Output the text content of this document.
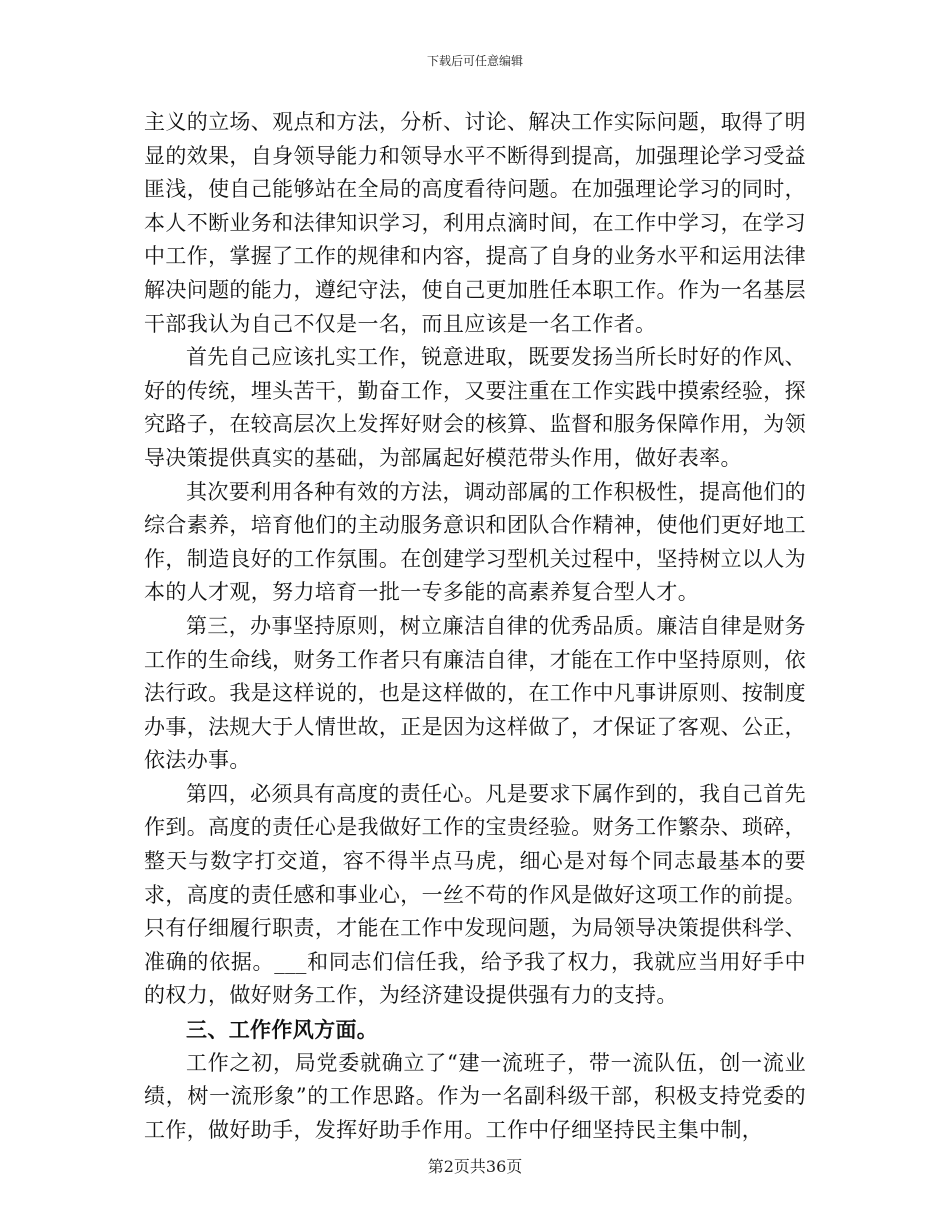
下载后可任意编辑

主义的立场、观点和方法，分析、讨论、解决工作实际问题，取得了明显的效果，自身领导能力和领导水平不断得到提高，加强理论学习受益匪浅，使自己能够站在全局的高度看待问题。在加强理论学习的同时，本人不断业务和法律知识学习，利用点滴时间，在工作中学习，在学习中工作，掌握了工作的规律和内容，提高了自身的业务水平和运用法律解决问题的能力，遵纪守法，使自己更加胜任本职工作。作为一名基层干部我认为自己不仅是一名，而且应该是一名工作者。

首先自己应该扎实工作，锐意进取，既要发扬当所长时好的作风、好的传统，埋头苦干，勤奋工作，又要注重在工作实践中摸索经验，探究路子，在较高层次上发挥好财会的核算、监督和服务保障作用，为领导决策提供真实的基础，为部属起好模范带头作用，做好表率。

其次要利用各种有效的方法，调动部属的工作积极性，提高他们的综合素养，培育他们的主动服务意识和团队合作精神，使他们更好地工作，制造良好的工作氛围。在创建学习型机关过程中，坚持树立以人为本的人才观，努力培育一批一专多能的高素养复合型人才。

第三，办事坚持原则，树立廉洁自律的优秀品质。廉洁自律是财务工作的生命线，财务工作者只有廉洁自律，才能在工作中坚持原则，依法行政。我是这样说的，也是这样做的，在工作中凡事讲原则、按制度办事，法规大于人情世故，正是因为这样做了，才保证了客观、公正，依法办事。

第四，必须具有高度的责任心。凡是要求下属作到的，我自己首先作到。高度的责任心是我做好工作的宝贵经验。财务工作繁杂、琐碎，整天与数字打交道，容不得半点马虎，细心是对每个同志最基本的要求，高度的责任感和事业心，一丝不苟的作风是做好这项工作的前提。只有仔细履行职责，才能在工作中发现问题，为局领导决策提供科学、准确的依据。___和同志们信任我，给予我了权力，我就应当用好手中的权力，做好财务工作，为经济建设提供强有力的支持。

三、工作作风方面。

工作之初，局党委就确立了“建一流班子，带一流队伍，创一流业绩，树一流形象”的工作思路。作为一名副科级干部，积极支持党委的工作，做好助手，发挥好助手作用。工作中仔细坚持民主集中制，

第2页共36页
